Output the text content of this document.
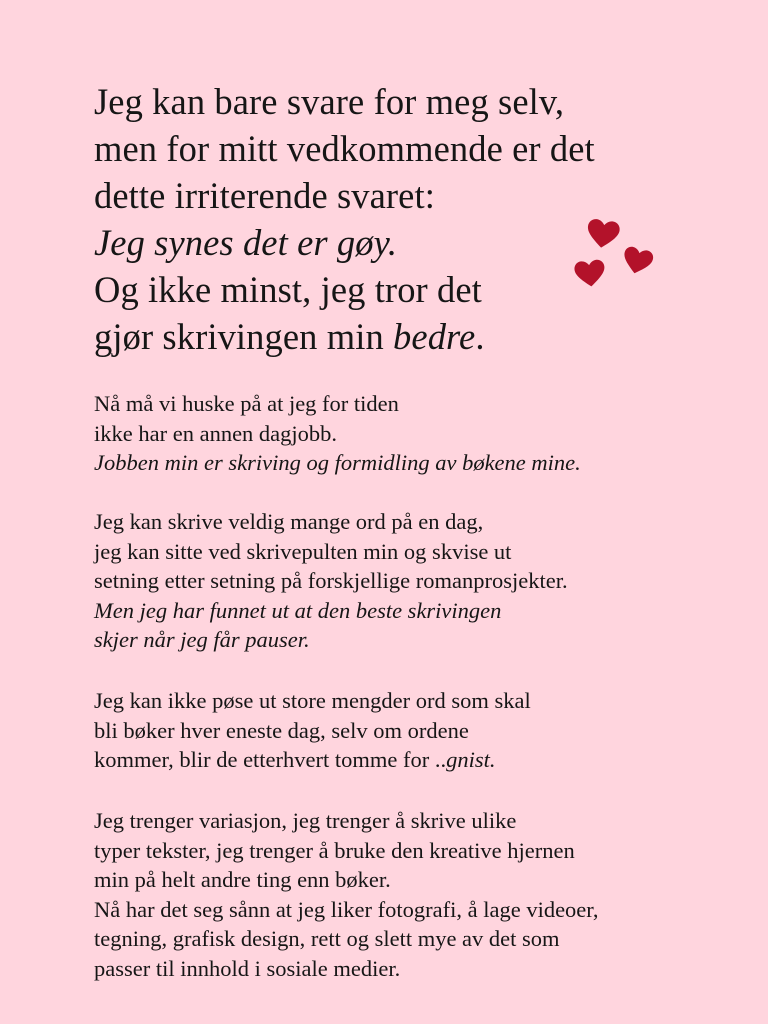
Jeg kan bare svare for meg selv,
men for mitt vedkommende er det
dette irriterende svaret:
Jeg synes det er gøy.
Og ikke minst, jeg tror det
gjør skrivingen min bedre.

Nå må vi huske på at jeg for tiden
ikke har en annen dagjobb.
Jobben min er skriving og formidling av bøkene mine.

Jeg kan skrive veldig mange ord på en dag,
jeg kan sitte ved skrivepulten min og skvise ut
setning etter setning på forskjellige romanprosjekter.
Men jeg har funnet ut at den beste skrivingen
skjer når jeg får pauser.

Jeg kan ikke pøse ut store mengder ord som skal
bli bøker hver eneste dag, selv om ordene
kommer, blir de etterhvert tomme for ..gnist.

Jeg trenger variasjon, jeg trenger å skrive ulike
typer tekster, jeg trenger å bruke den kreative hjernen
min på helt andre ting enn bøker.
Nå har det seg sånn at jeg liker fotografi, å lage videoer,
tegning, grafisk design, rett og slett mye av det som
passer til innhold i sosiale medier.
